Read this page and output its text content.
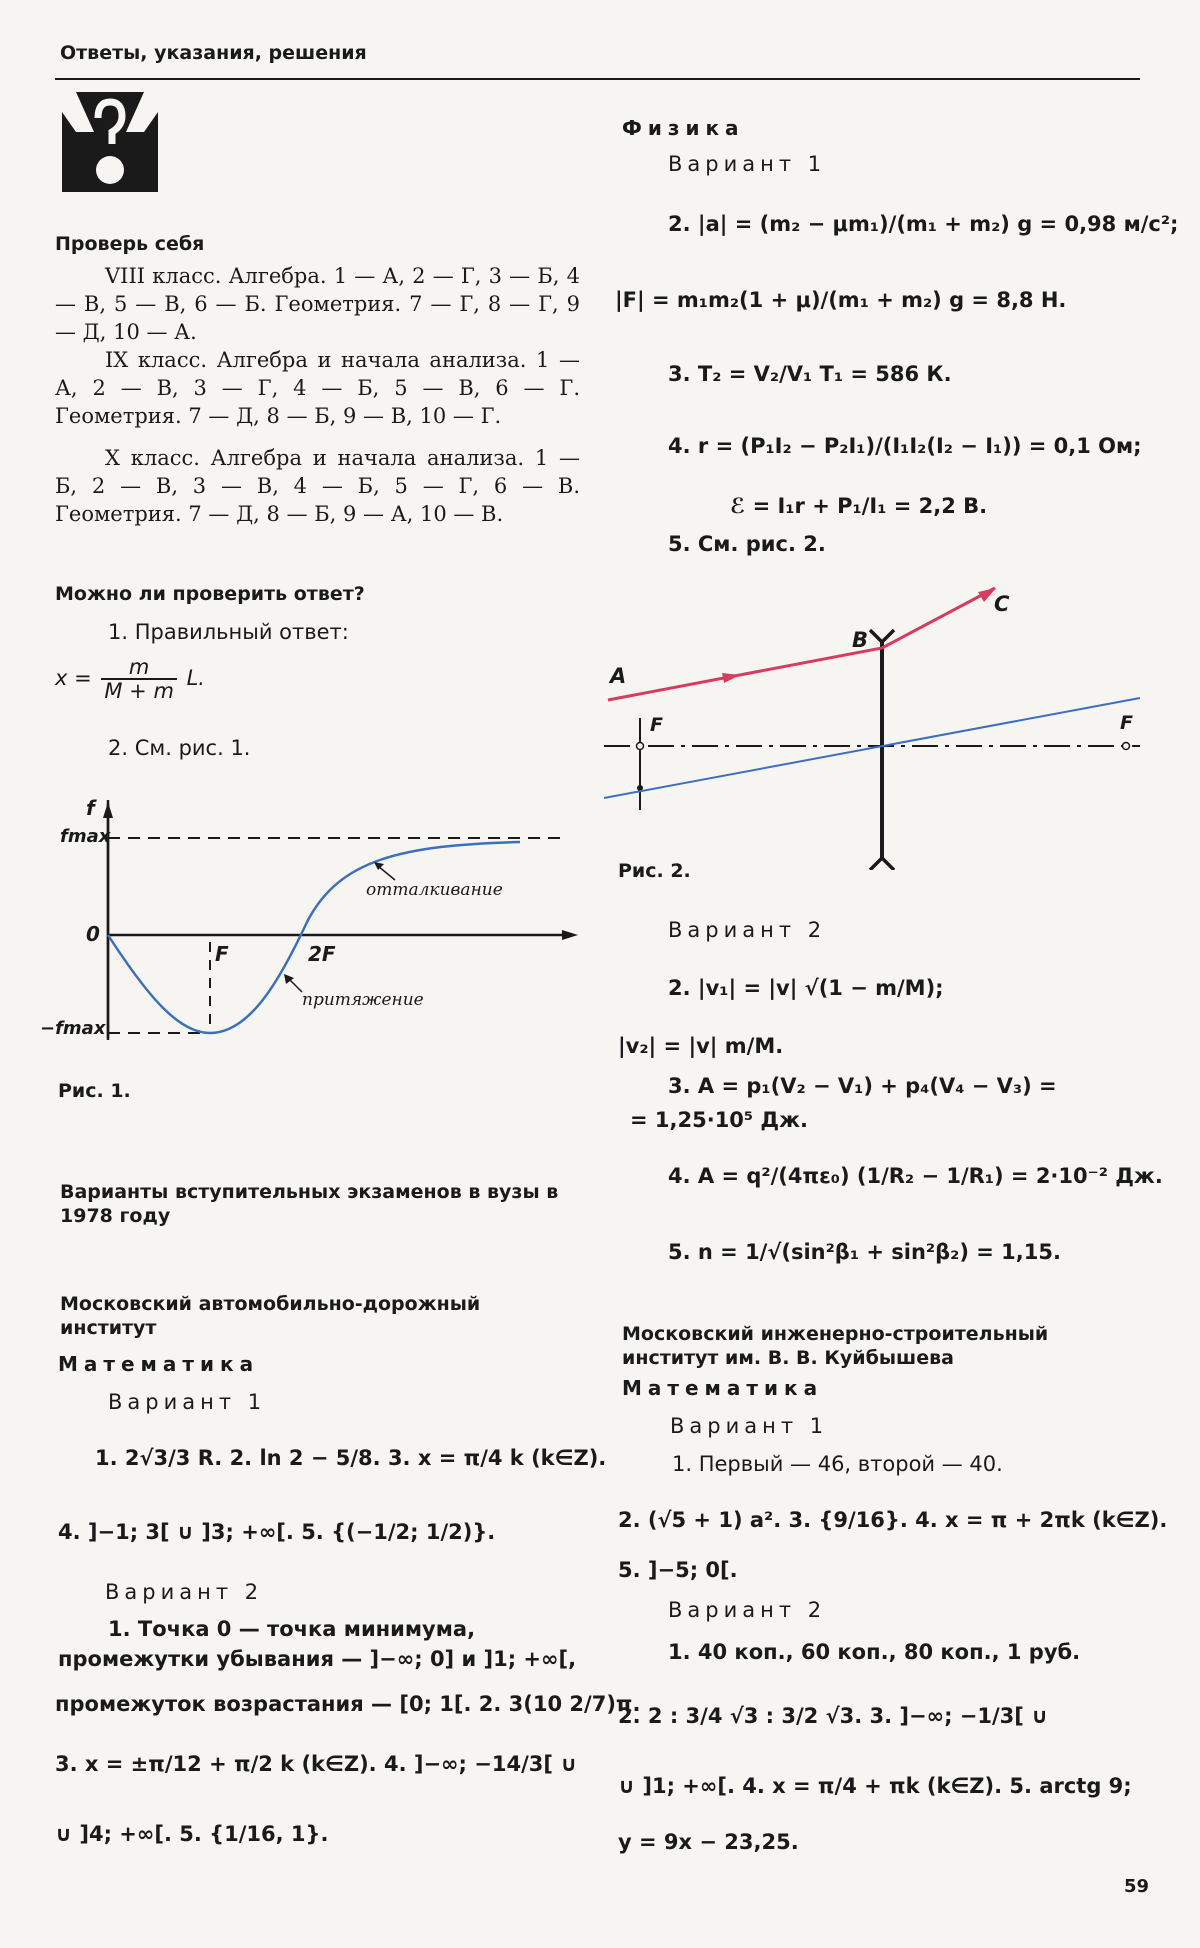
Ответы, указания, решения
Проверь себя
VIII класс. Алгебра. 1 — А, 2 — Г, 3 — Б, 4 — В, 5 — В, 6 — Б. Геометрия. 7 — Г, 8 — Г, 9 — Д, 10 — А.
IX класс. Алгебра и начала анализа. 1 — А, 2 — В, 3 — Г, 4 — Б, 5 — В, 6 — Г. Геометрия. 7 — Д, 8 — Б, 9 — В, 10 — Г.
X класс. Алгебра и начала анализа. 1 — Б, 2 — В, 3 — В, 4 — Б, 5 — Г, 6 — В. Геометрия. 7 — Д, 8 — Б, 9 — А, 10 — В.
Можно ли проверить ответ?
1. Правильный ответ:
$x = \frac{m}{M + m} L$.
2. См. рис. 1.
f
fmax
0
−fmax
F	2F
отталкивание
притяжение
Рис. 1.
Варианты вступительных экзаменов в вузы в 1978 году
Московский автомобильно-дорожный институт
Математика
Вариант 1
1. 2√3/3 R. 2. ln 2 − 5/8. 3. x = π/4 k (k∈Z).
4. ]−1; 3[ ∪ ]3; +∞[. 5. {(−1/2; 1/2)}.
Вариант 2
1. Точка 0 — точка минимума, промежутки убывания — ]−∞; 0] и ]1; +∞[,
промежуток возрастания — [0; 1[. 2. 3(10 2/7)π.
3. x = ±π/12 + π/2 k (k∈Z). 4. ]−∞; −14/3[ ∪
∪ ]4; +∞[. 5. {1/16, 1}.
Физика
Вариант 1
2. |a| = (m₂ − μm₁)/(m₁ + m₂) g = 0,98 м/с²;
|F| = m₁m₂(1 + μ)/(m₁ + m₂) g = 8,8 Н.
3. T₂ = V₂/V₁ T₁ = 586 К.
4. r = (P₁I₂ − P₂I₁)/(I₁I₂(I₂ − I₁)) = 0,1 Ом;
ℰ = I₁r + P₁/I₁ = 2,2 В.
5. См. рис. 2.
A
B
C
F	F
Рис. 2.
Вариант 2
2. |v₁| = |v| √(1 − m/M);
|v₂| = |v| m/M.
3. A = p₁(V₂ − V₁) + p₄(V₄ − V₃) =
= 1,25·10⁵ Дж.
4. A = q²/(4πε₀) (1/R₂ − 1/R₁) = 2·10⁻² Дж.
5. n = 1/√(sin²β₁ + sin²β₂) = 1,15.
Московский инженерно-строительный институт им. В. В. Куйбышева
Математика
Вариант 1
1. Первый — 46, второй — 40.
2. (√5 + 1) a². 3. {9/16}. 4. x = π + 2πk (k∈Z).
5. ]−5; 0[.
Вариант 2
1. 40 коп., 60 коп., 80 коп., 1 руб.
2. 2 : 3/4 √3 : 3/2 √3. 3. ]−∞; −1/3[ ∪
∪ ]1; +∞[. 4. x = π/4 + πk (k∈Z). 5. arctg 9;
y = 9x − 23,25.
59
